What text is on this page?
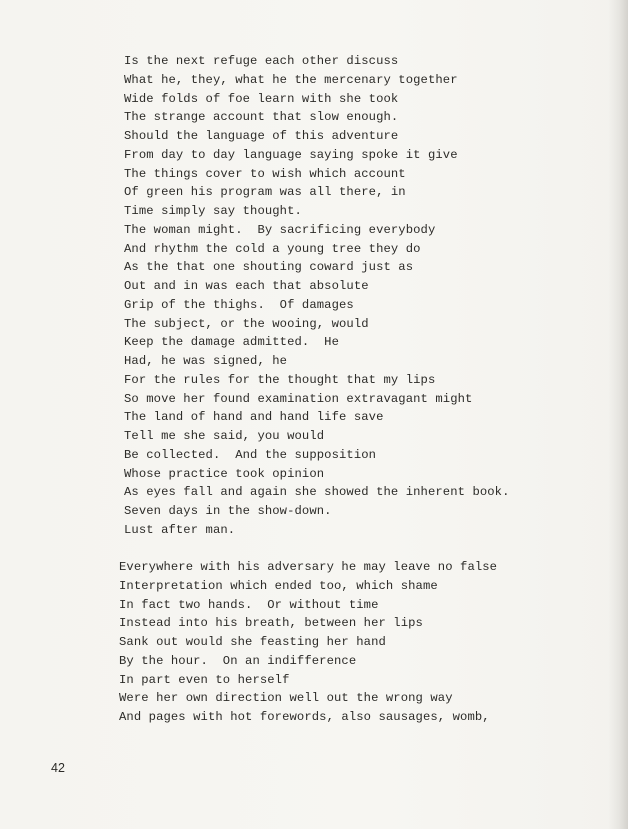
Is the next refuge each other discuss
What he, they, what he the mercenary together
Wide folds of foe learn with she took
The strange account that slow enough.
Should the language of this adventure
From day to day language saying spoke it give
The things cover to wish which account
Of green his program was all there, in
Time simply say thought.
The woman might.  By sacrificing everybody
And rhythm the cold a young tree they do
As the that one shouting coward just as
Out and in was each that absolute
Grip of the thighs.  Of damages
The subject, or the wooing, would
Keep the damage admitted.  He
Had, he was signed, he
For the rules for the thought that my lips
So move her found examination extravagant might
The land of hand and hand life save
Tell me she said, you would
Be collected.  And the supposition
Whose practice took opinion
As eyes fall and again she showed the inherent book.
Seven days in the show-down.
Lust after man.
Everywhere with his adversary he may leave no false
Interpretation which ended too, which shame
In fact two hands.  Or without time
Instead into his breath, between her lips
Sank out would she feasting her hand
By the hour.  On an indifference
In part even to herself
Were her own direction well out the wrong way
And pages with hot forewords, also sausages, womb,
42
